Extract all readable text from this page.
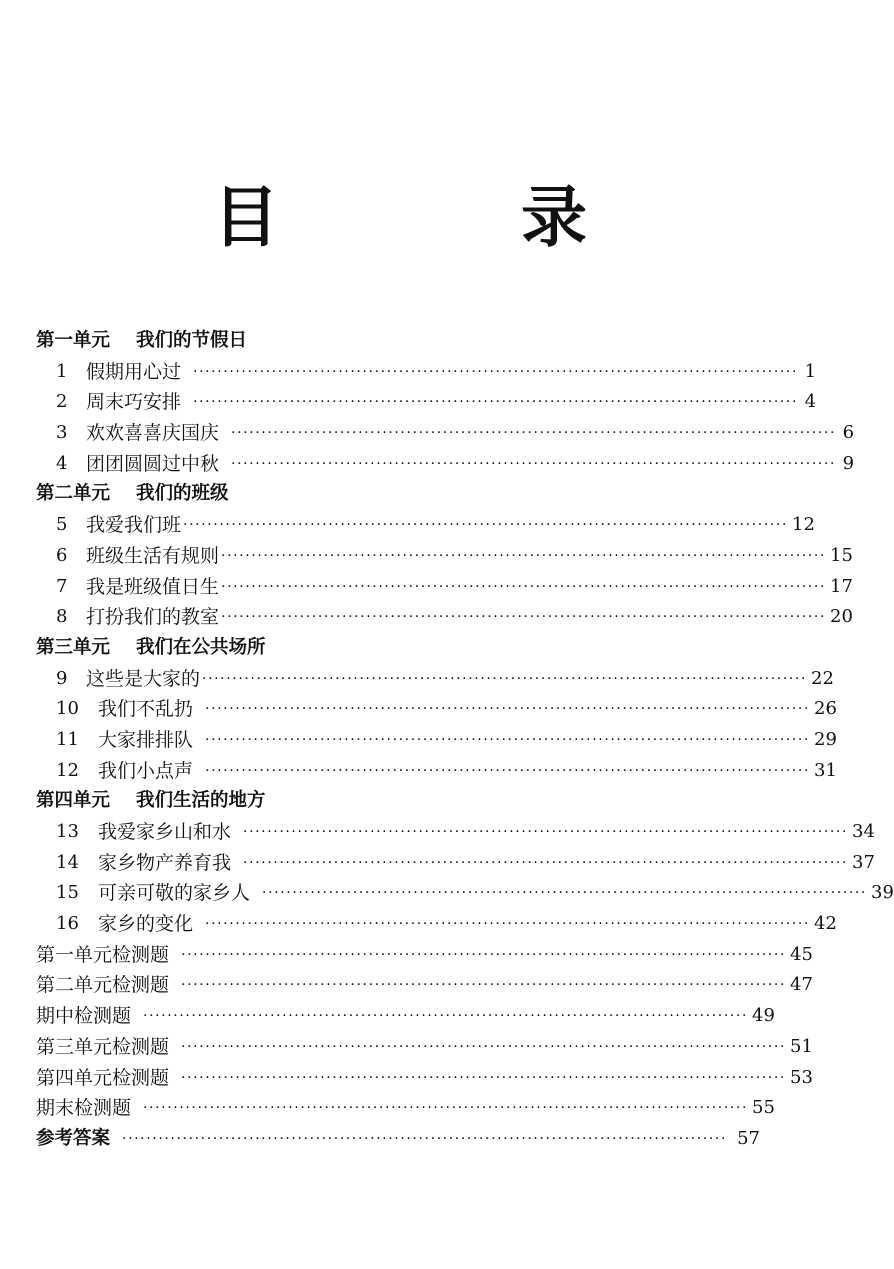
目　录
第一单元 我们的节假日
1 假期用心过 ···································································································· 1
2 周末巧安排 ···································································································· 4
3 欢欢喜喜庆国庆 ···································································································· 6
4 团团圆圆过中秋 ···································································································· 9
第二单元 我们的班级
5 我爱我们班 ···································································································· 12
6 班级生活有规则 ···································································································· 15
7 我是班级值日生 ···································································································· 17
8 打扮我们的教室 ···································································································· 20
第三单元 我们在公共场所
9 这些是大家的 ···································································································· 22
10	我们不乱扔 ···································································································· 26
11	大家排排队 ···································································································· 29
12	我们小点声 ···································································································· 31
第四单元 我们生活的地方
13	我爱家乡山和水 ···································································································· 34
14	家乡物产养育我 ···································································································· 37
15	可亲可敬的家乡人 ···································································································· 39
16	家乡的变化 ···································································································· 42
第一单元检测题 ···································································································· 45
第二单元检测题 ···································································································· 47
期中检测题 ···································································································· 49
第三单元检测题 ···································································································· 51
第四单元检测题 ···································································································· 53
期末检测题 ···································································································· 55
参考答案 ···································································································· 57
